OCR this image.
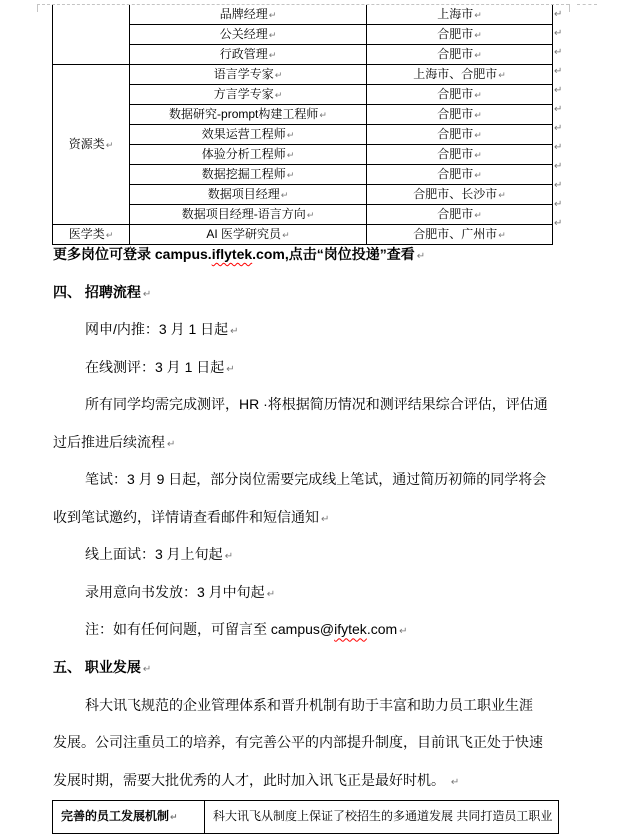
	品牌经理↵	上海市↵
	公关经理↵	合肥市↵
	行政管理↵	合肥市↵
资源类↵	语言学专家↵	上海市、合肥市↵
	方言学专家↵	合肥市↵
	数据研究-prompt构建工程师↵	合肥市↵
	效果运营工程师↵	合肥市↵
	体验分析工程师↵	合肥市↵
	数据挖掘工程师↵	合肥市↵
	数据项目经理↵	合肥市、长沙市↵
	数据项目经理-语言方向↵	合肥市↵
医学类↵	AI 医学研究员↵	合肥市、广州市↵
↵
↵
↵
↵
↵
↵
↵
↵
↵
↵
↵
↵
更多岗位可登录 campus.iflytek.com,点击“岗位投递”查看 ↵
四、 招聘流程 ↵
网申/内推：3 月 1 日起 ↵
在线测评：3 月 1 日起 ↵
所有同学均需完成测评，HR ·将根据简历情况和测评结果综合评估，评估通
过后推进后续流程 ↵
笔试：3 月 9 日起，部分岗位需要完成线上笔试，通过简历初筛的同学将会
收到笔试邀约，详情请查看邮件和短信通知 ↵
线上面试：3 月上旬起 ↵
录用意向书发放：3 月中旬起 ↵
注：如有任何问题，可留言至 campus@ifytek.com ↵
五、 职业发展 ↵
科大讯飞规范的企业管理体系和晋升机制有助于丰富和助力员工职业生涯
发展。公司注重员工的培养，有完善公平的内部提升制度，目前讯飞正处于快速
发展时期，需要大批优秀的人才，此时加入讯飞正是最好时机。 ↵
完善的员工发展机制↵	科大讯飞从制度上保证了校招生的多通道发展 共同打造员工职业
